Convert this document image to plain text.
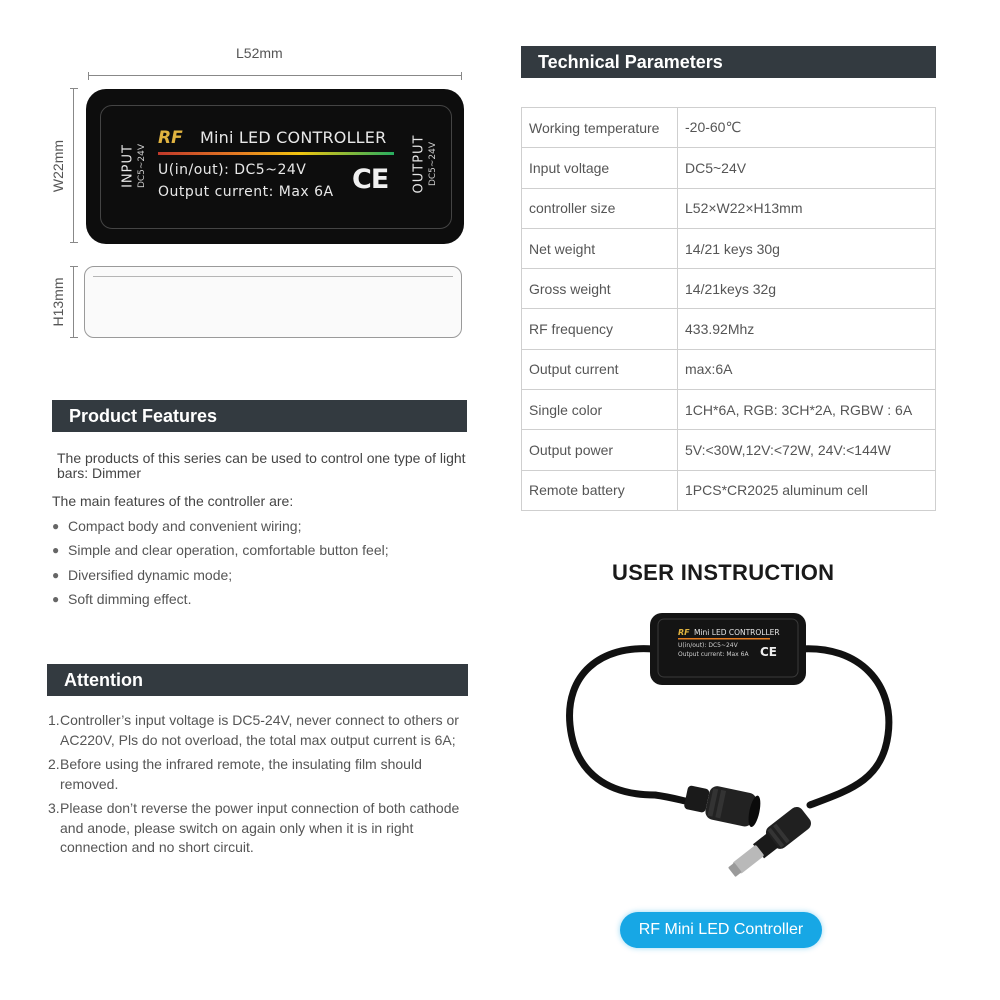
L52mm
W22mm
H13mm
INPUT DC5~24V	OUTPUT DC5~24V
RF Mini LED CONTROLLER
U(in/out): DC5~24V
Output current: Max 6A CE
Technical Parameters
Working temperature	-20-60℃
Input voltage	DC5~24V
controller size	L52×W22×H13mm
Net weight	14/21 keys 30g
Gross weight	14/21keys 32g
RF frequency	433.92Mhz
Output current	max:6A
Single color	1CH*6A, RGB: 3CH*2A, RGBW : 6A
Output power	5V:<30W,12V:<72W, 24V:<144W
Remote battery	1PCS*CR2025 aluminum cell
Product Features

The products of this series can be used to control one type of light bars: Dimmer

The main features of the controller are:

● Compact body and convenient wiring;
● Simple and clear operation, comfortable button feel;
● Diversified dynamic mode;
● Soft dimming effect.
Attention
1. Controller’s input voltage is DC5-24V, never connect to others or AC220V, Pls do not overload, the total max output current is 6A;
2. Before using the infrared remote, the insulating film should removed.
3. Please don’t reverse the power input connection of both cathode and anode, please switch on again only when it is in right connection and no short circuit.
USER INSTRUCTION
RF Mini LED CONTROLLER
U(in/out): DC5~24V
Output current: Max 6A CE
RF Mini LED Controller
